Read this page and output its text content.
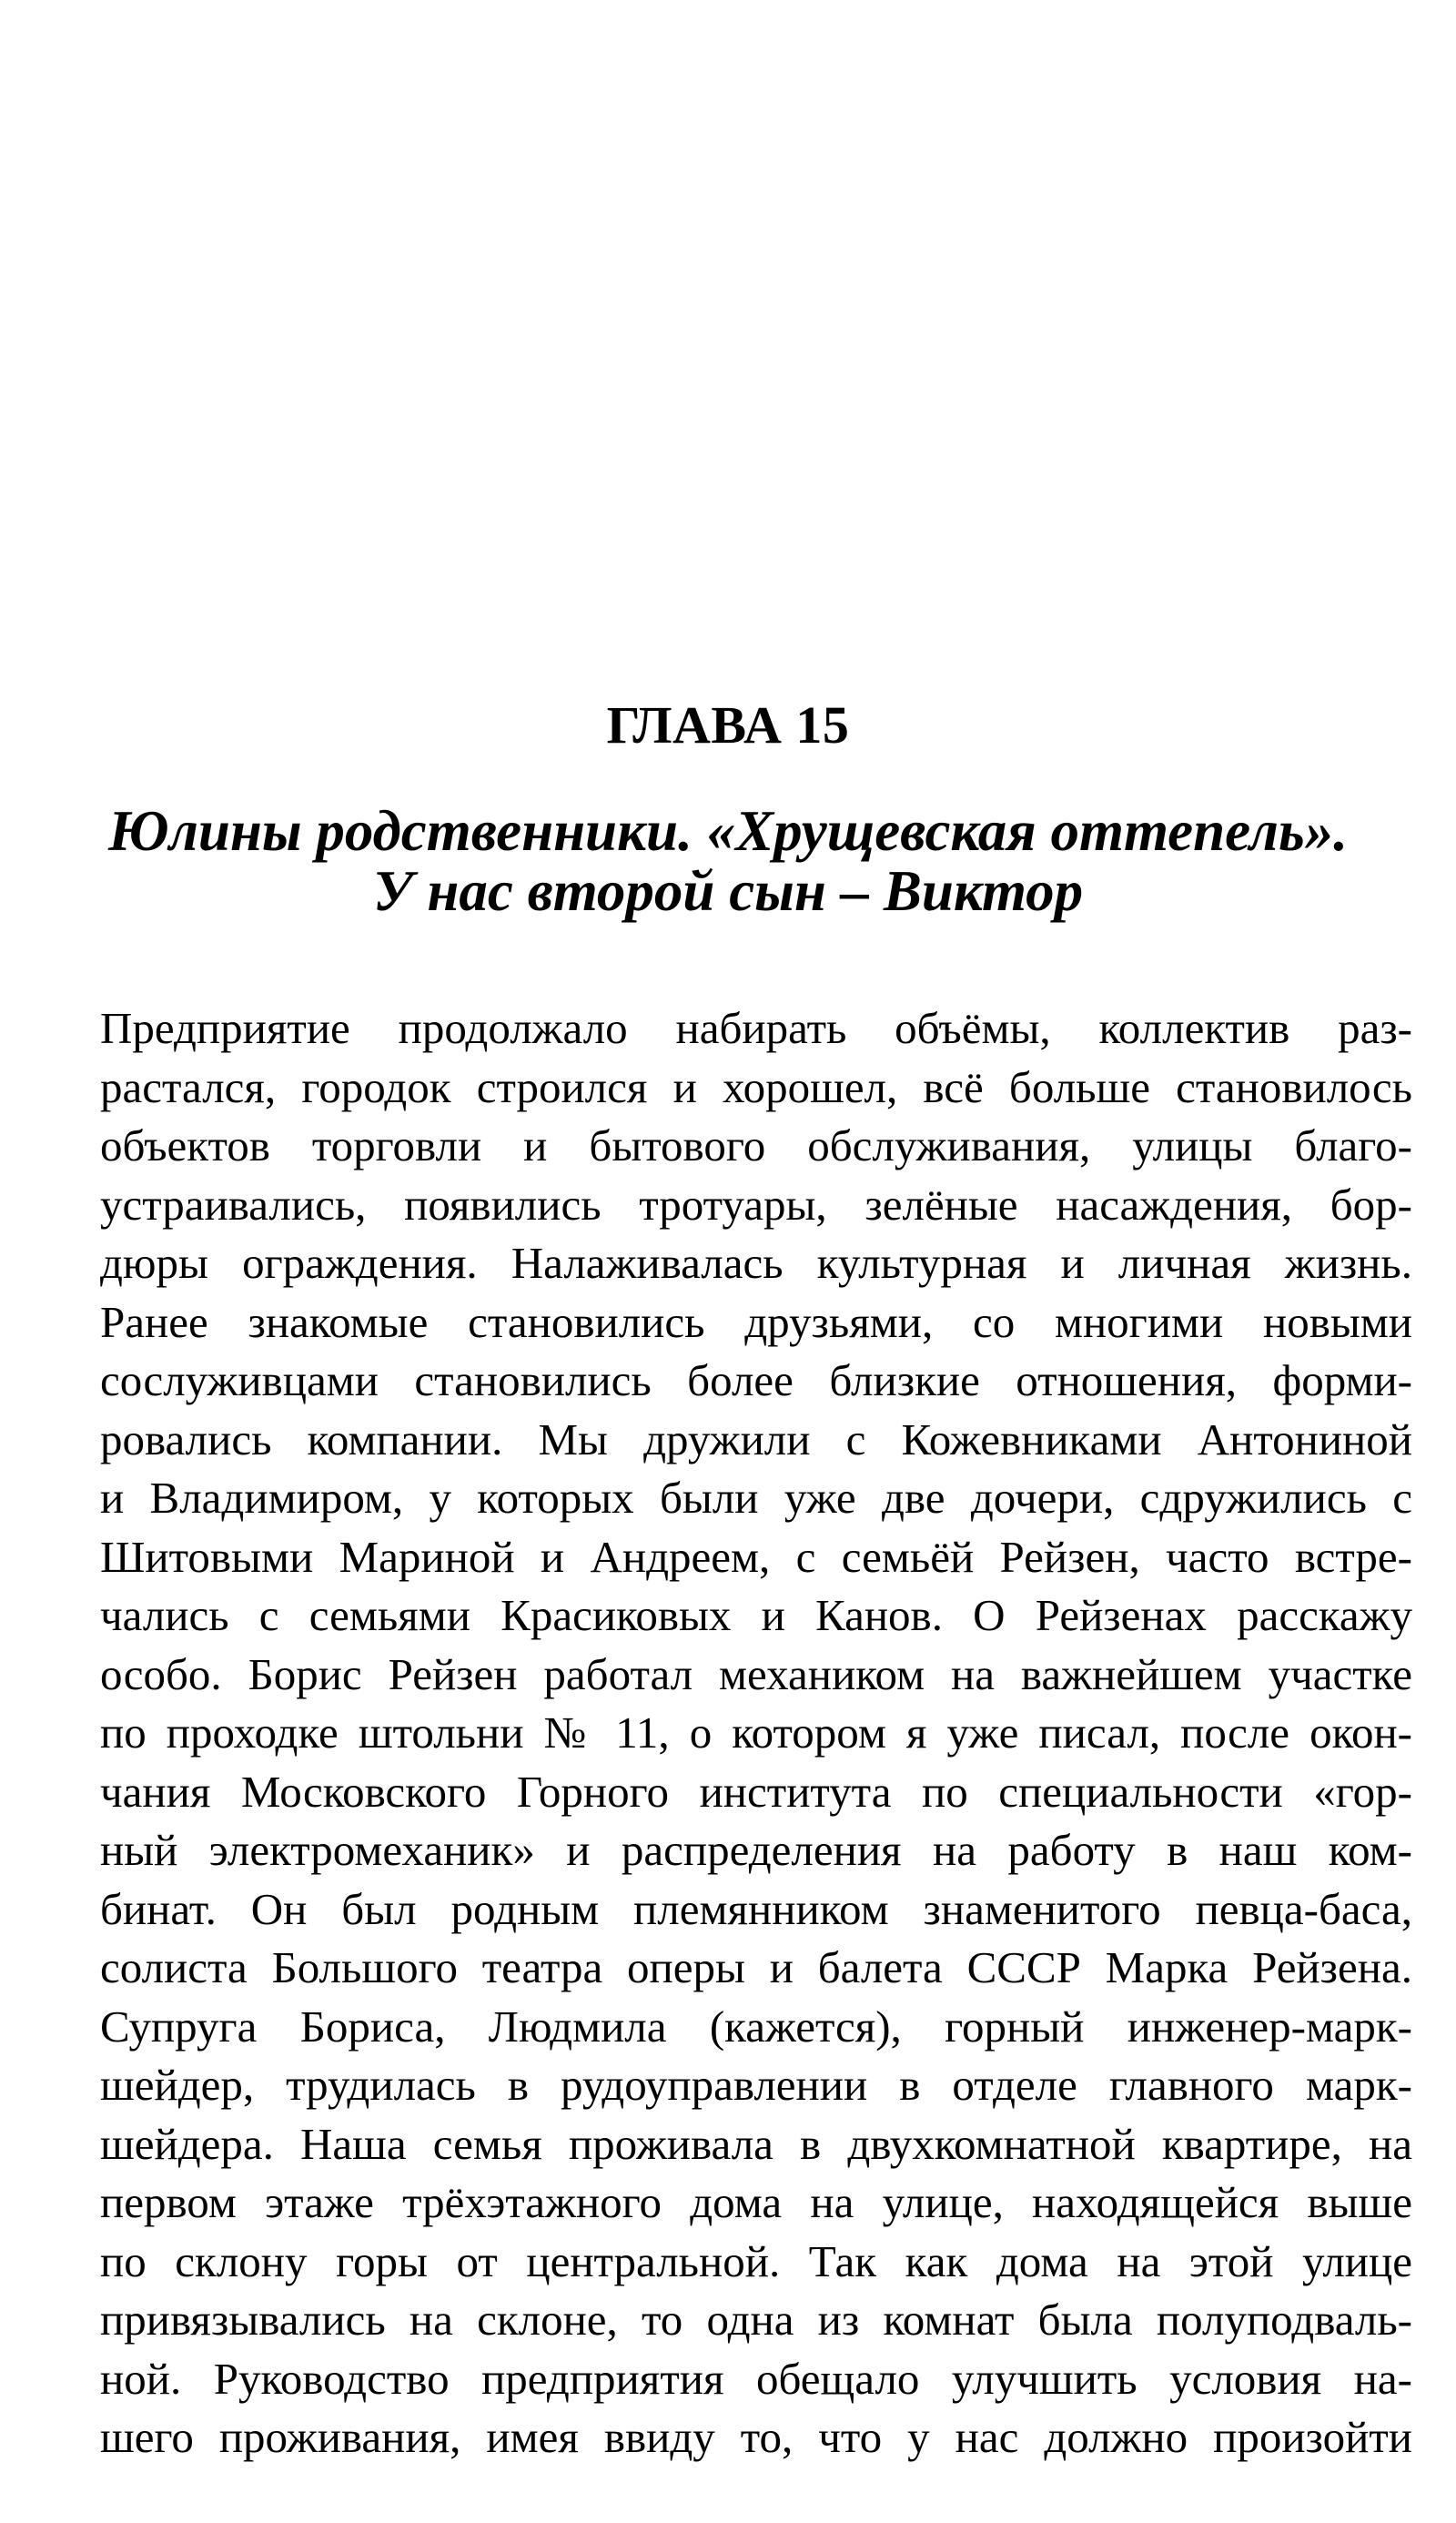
ГЛАВА 15
Юлины родственники. «Хрущевская оттепель».
У нас второй сын – Виктор
Предприятие продолжало набирать объёмы, коллектив раз-
растался, городок строился и хорошел, всё больше становилось
объектов торговли и бытового обслуживания, улицы благо-
устраивались, появились тротуары, зелёные насаждения, бор-
дюры ограждения. Налаживалась культурная и личная жизнь.
Ранее знакомые становились друзьями, со многими новыми
сослуживцами становились более близкие отношения, форми-
ровались компании. Мы дружили с Кожевниками Антониной
и Владимиром, у которых были уже две дочери, сдружились с
Шитовыми Мариной и Андреем, с семьёй Рейзен, часто встре-
чались с семьями Красиковых и Канов. О Рейзенах расскажу
особо. Борис Рейзен работал механиком на важнейшем участке
по проходке штольни № 11, о котором я уже писал, после окон-
чания Московского Горного института по специальности «гор-
ный электромеханик» и распределения на работу в наш ком-
бинат. Он был родным племянником знаменитого певца-баса,
солиста Большого театра оперы и балета СССР Марка Рейзена.
Супруга Бориса, Людмила (кажется), горный инженер-марк-
шейдер, трудилась в рудоуправлении в отделе главного марк-
шейдера. Наша семья проживала в двухкомнатной квартире, на
первом этаже трёхэтажного дома на улице, находящейся выше
по склону горы от центральной. Так как дома на этой улице
привязывались на склоне, то одна из комнат была полуподваль-
ной. Руководство предприятия обещало улучшить условия на-
шего проживания, имея ввиду то, что у нас должно произойти
